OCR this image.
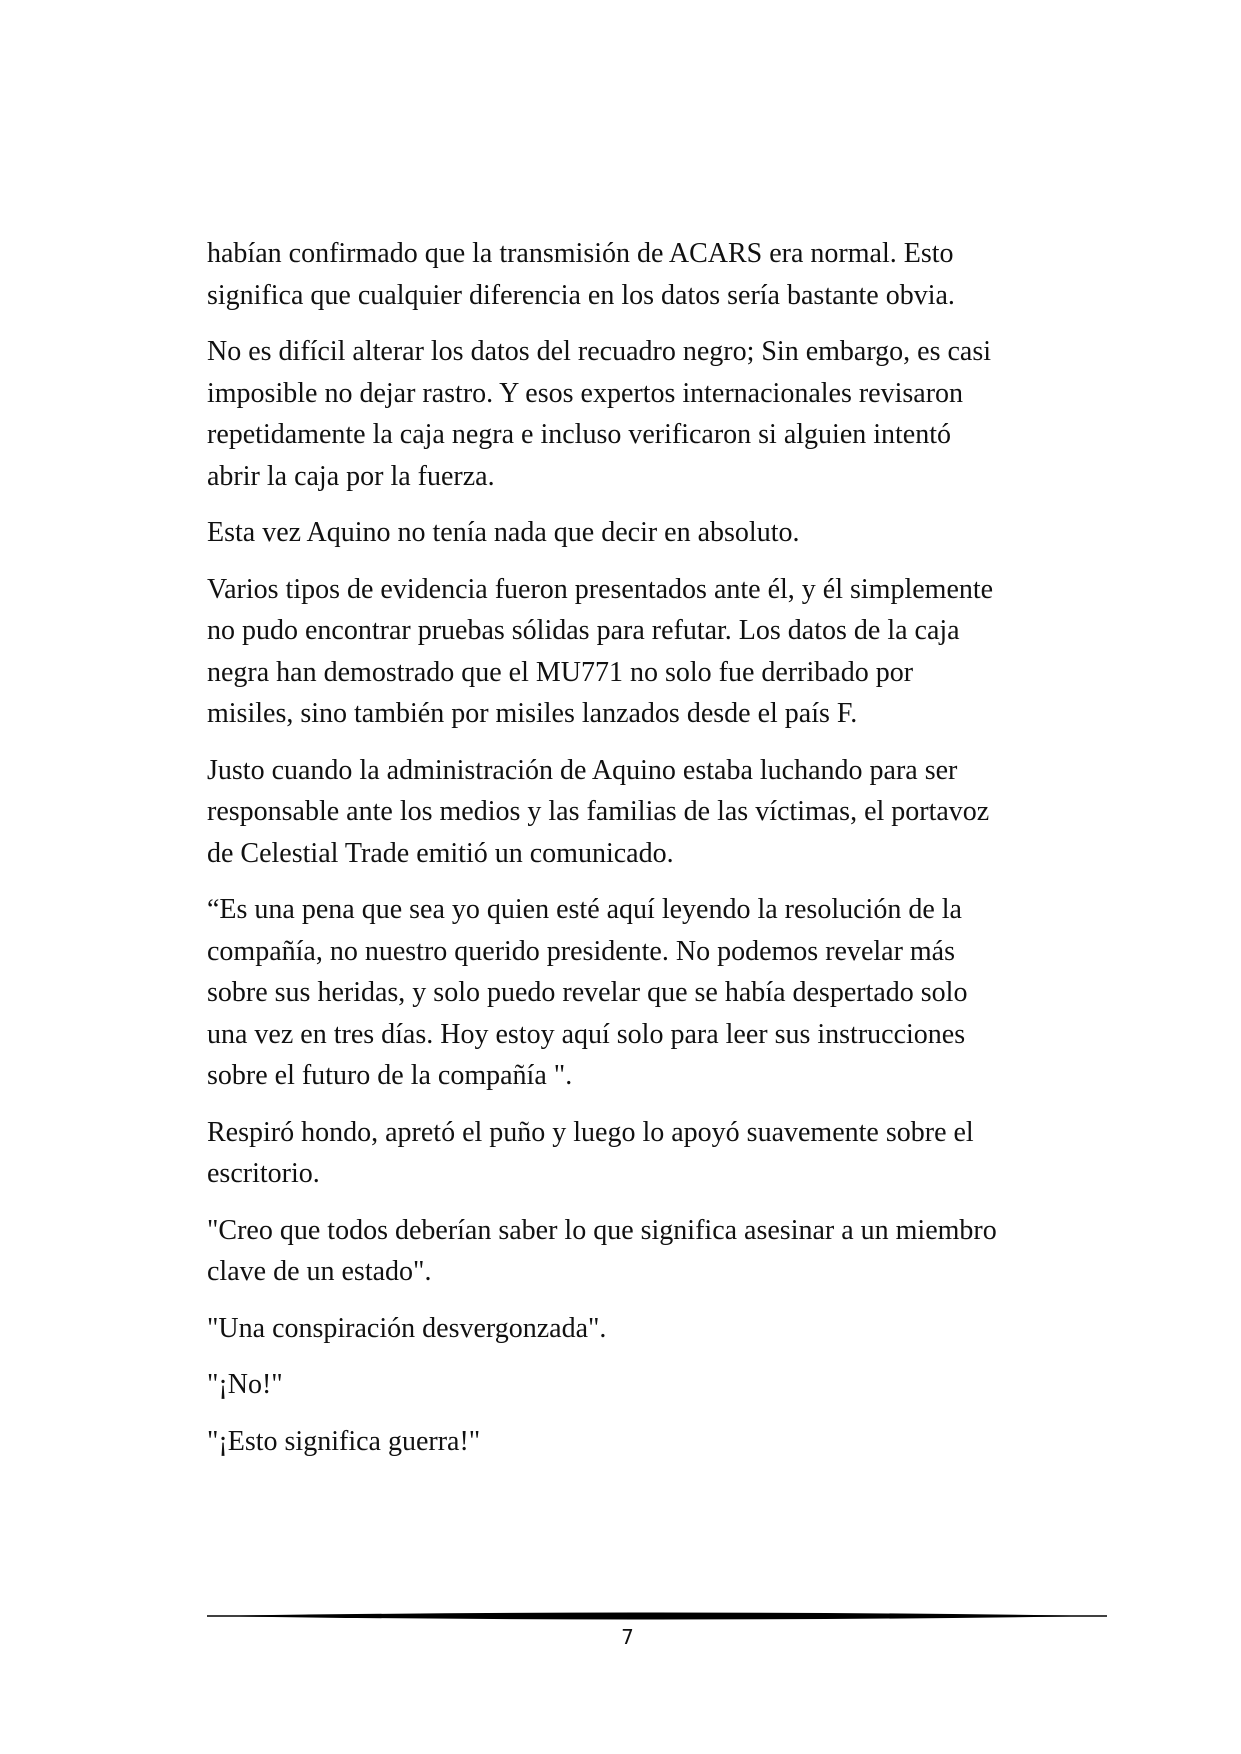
habían confirmado que la transmisión de ACARS era normal. Esto
significa que cualquier diferencia en los datos sería bastante obvia.

No es difícil alterar los datos del recuadro negro; Sin embargo, es casi
imposible no dejar rastro. Y esos expertos internacionales revisaron
repetidamente la caja negra e incluso verificaron si alguien intentó
abrir la caja por la fuerza.

Esta vez Aquino no tenía nada que decir en absoluto.

Varios tipos de evidencia fueron presentados ante él, y él simplemente
no pudo encontrar pruebas sólidas para refutar. Los datos de la caja
negra han demostrado que el MU771 no solo fue derribado por
misiles, sino también por misiles lanzados desde el país F.

Justo cuando la administración de Aquino estaba luchando para ser
responsable ante los medios y las familias de las víctimas, el portavoz
de Celestial Trade emitió un comunicado.

“Es una pena que sea yo quien esté aquí leyendo la resolución de la
compañía, no nuestro querido presidente. No podemos revelar más
sobre sus heridas, y solo puedo revelar que se había despertado solo
una vez en tres días. Hoy estoy aquí solo para leer sus instrucciones
sobre el futuro de la compañía ".

Respiró hondo, apretó el puño y luego lo apoyó suavemente sobre el
escritorio.

"Creo que todos deberían saber lo que significa asesinar a un miembro
clave de un estado".

"Una conspiración desvergonzada".

"¡No!"

"¡Esto significa guerra!"

7
